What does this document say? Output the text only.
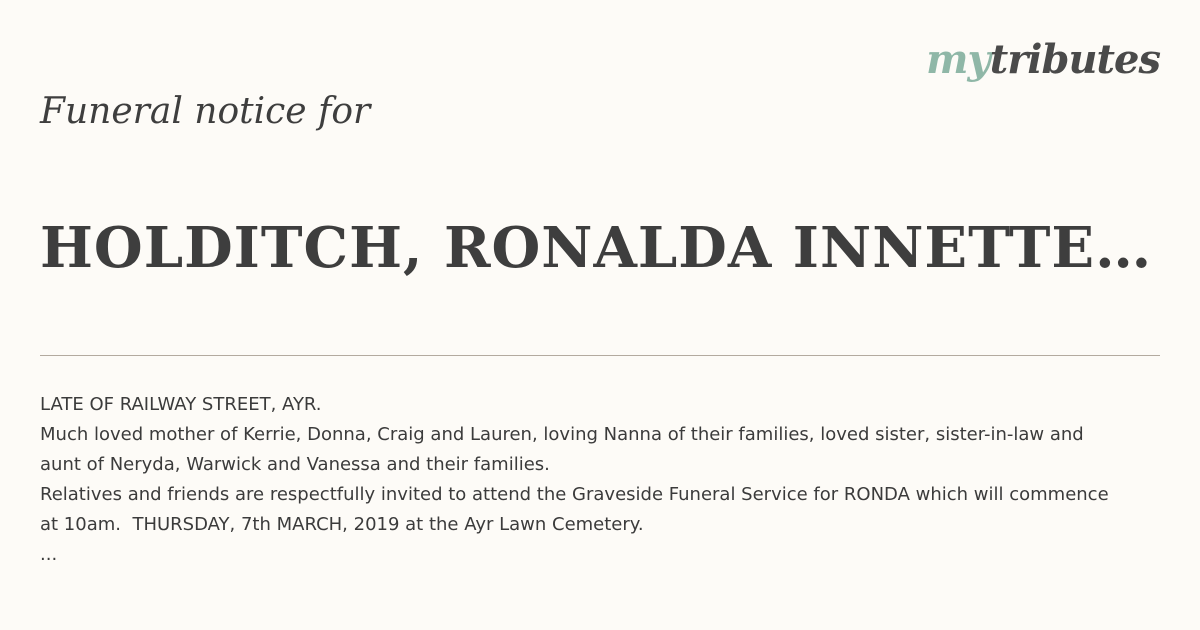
mytributes
Funeral notice for
HOLDITCH, RONALDA INNETTE…

LATE OF RAILWAY STREET, AYR.

Much loved mother of Kerrie, Donna, Craig and Lauren, loving Nanna of their families, loved sister, sister-in-law and aunt of Neryda, Warwick and Vanessa and their families.

Relatives and friends are respectfully invited to attend the Graveside Funeral Service for RONDA which will commence at 10am.  THURSDAY, 7th MARCH, 2019 at the Ayr Lawn Cemetery.

...
